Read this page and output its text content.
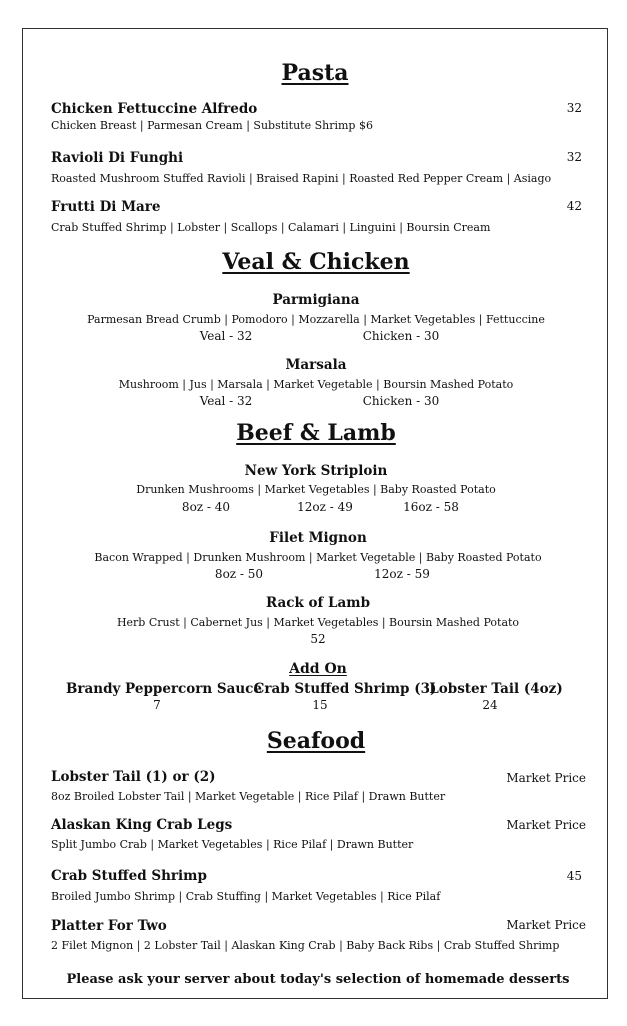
Pasta
Chicken Fettuccine Alfredo
Chicken Breast | Parmesan Cream | Substitute Shrimp $6
32
Ravioli Di Funghi
Roasted Mushroom Stuffed Ravioli | Braised Rapini | Roasted Red Pepper Cream | Asiago
32
Frutti Di Mare
Crab Stuffed Shrimp | Lobster | Scallops | Calamari | Linguini | Boursin Cream
42
Veal & Chicken
Parmigiana
Parmesan Bread Crumb | Pomodoro | Mozzarella | Market Vegetables | Fettuccine
Veal - 32	Chicken - 30
Marsala
Mushroom | Jus | Marsala | Market Vegetable | Boursin Mashed Potato
Veal - 32	Chicken - 30
Beef & Lamb
New York Striploin
Drunken Mushrooms | Market Vegetables | Baby Roasted Potato
8oz - 40	12oz - 49	16oz - 58
Filet Mignon
Bacon Wrapped | Drunken Mushroom | Market Vegetable | Baby Roasted Potato
8oz - 50	12oz - 59
Rack of Lamb
Herb Crust | Cabernet Jus | Market Vegetables | Boursin Mashed Potato
52
Add On
Brandy Peppercorn Sauce
7
Crab Stuffed Shrimp (3)
15
Lobster Tail (4oz)
24
Seafood
Lobster Tail (1) or (2)
8oz Broiled Lobster Tail | Market Vegetable | Rice Pilaf | Drawn Butter
Market Price
Alaskan King Crab Legs
Split Jumbo Crab | Market Vegetables | Rice Pilaf | Drawn Butter
Market Price
Crab Stuffed Shrimp
Broiled Jumbo Shrimp | Crab Stuffing | Market Vegetables | Rice Pilaf
45
Platter For Two
2 Filet Mignon | 2 Lobster Tail | Alaskan King Crab | Baby Back Ribs | Crab Stuffed Shrimp
Market Price
Please ask your server about today's selection of homemade desserts
